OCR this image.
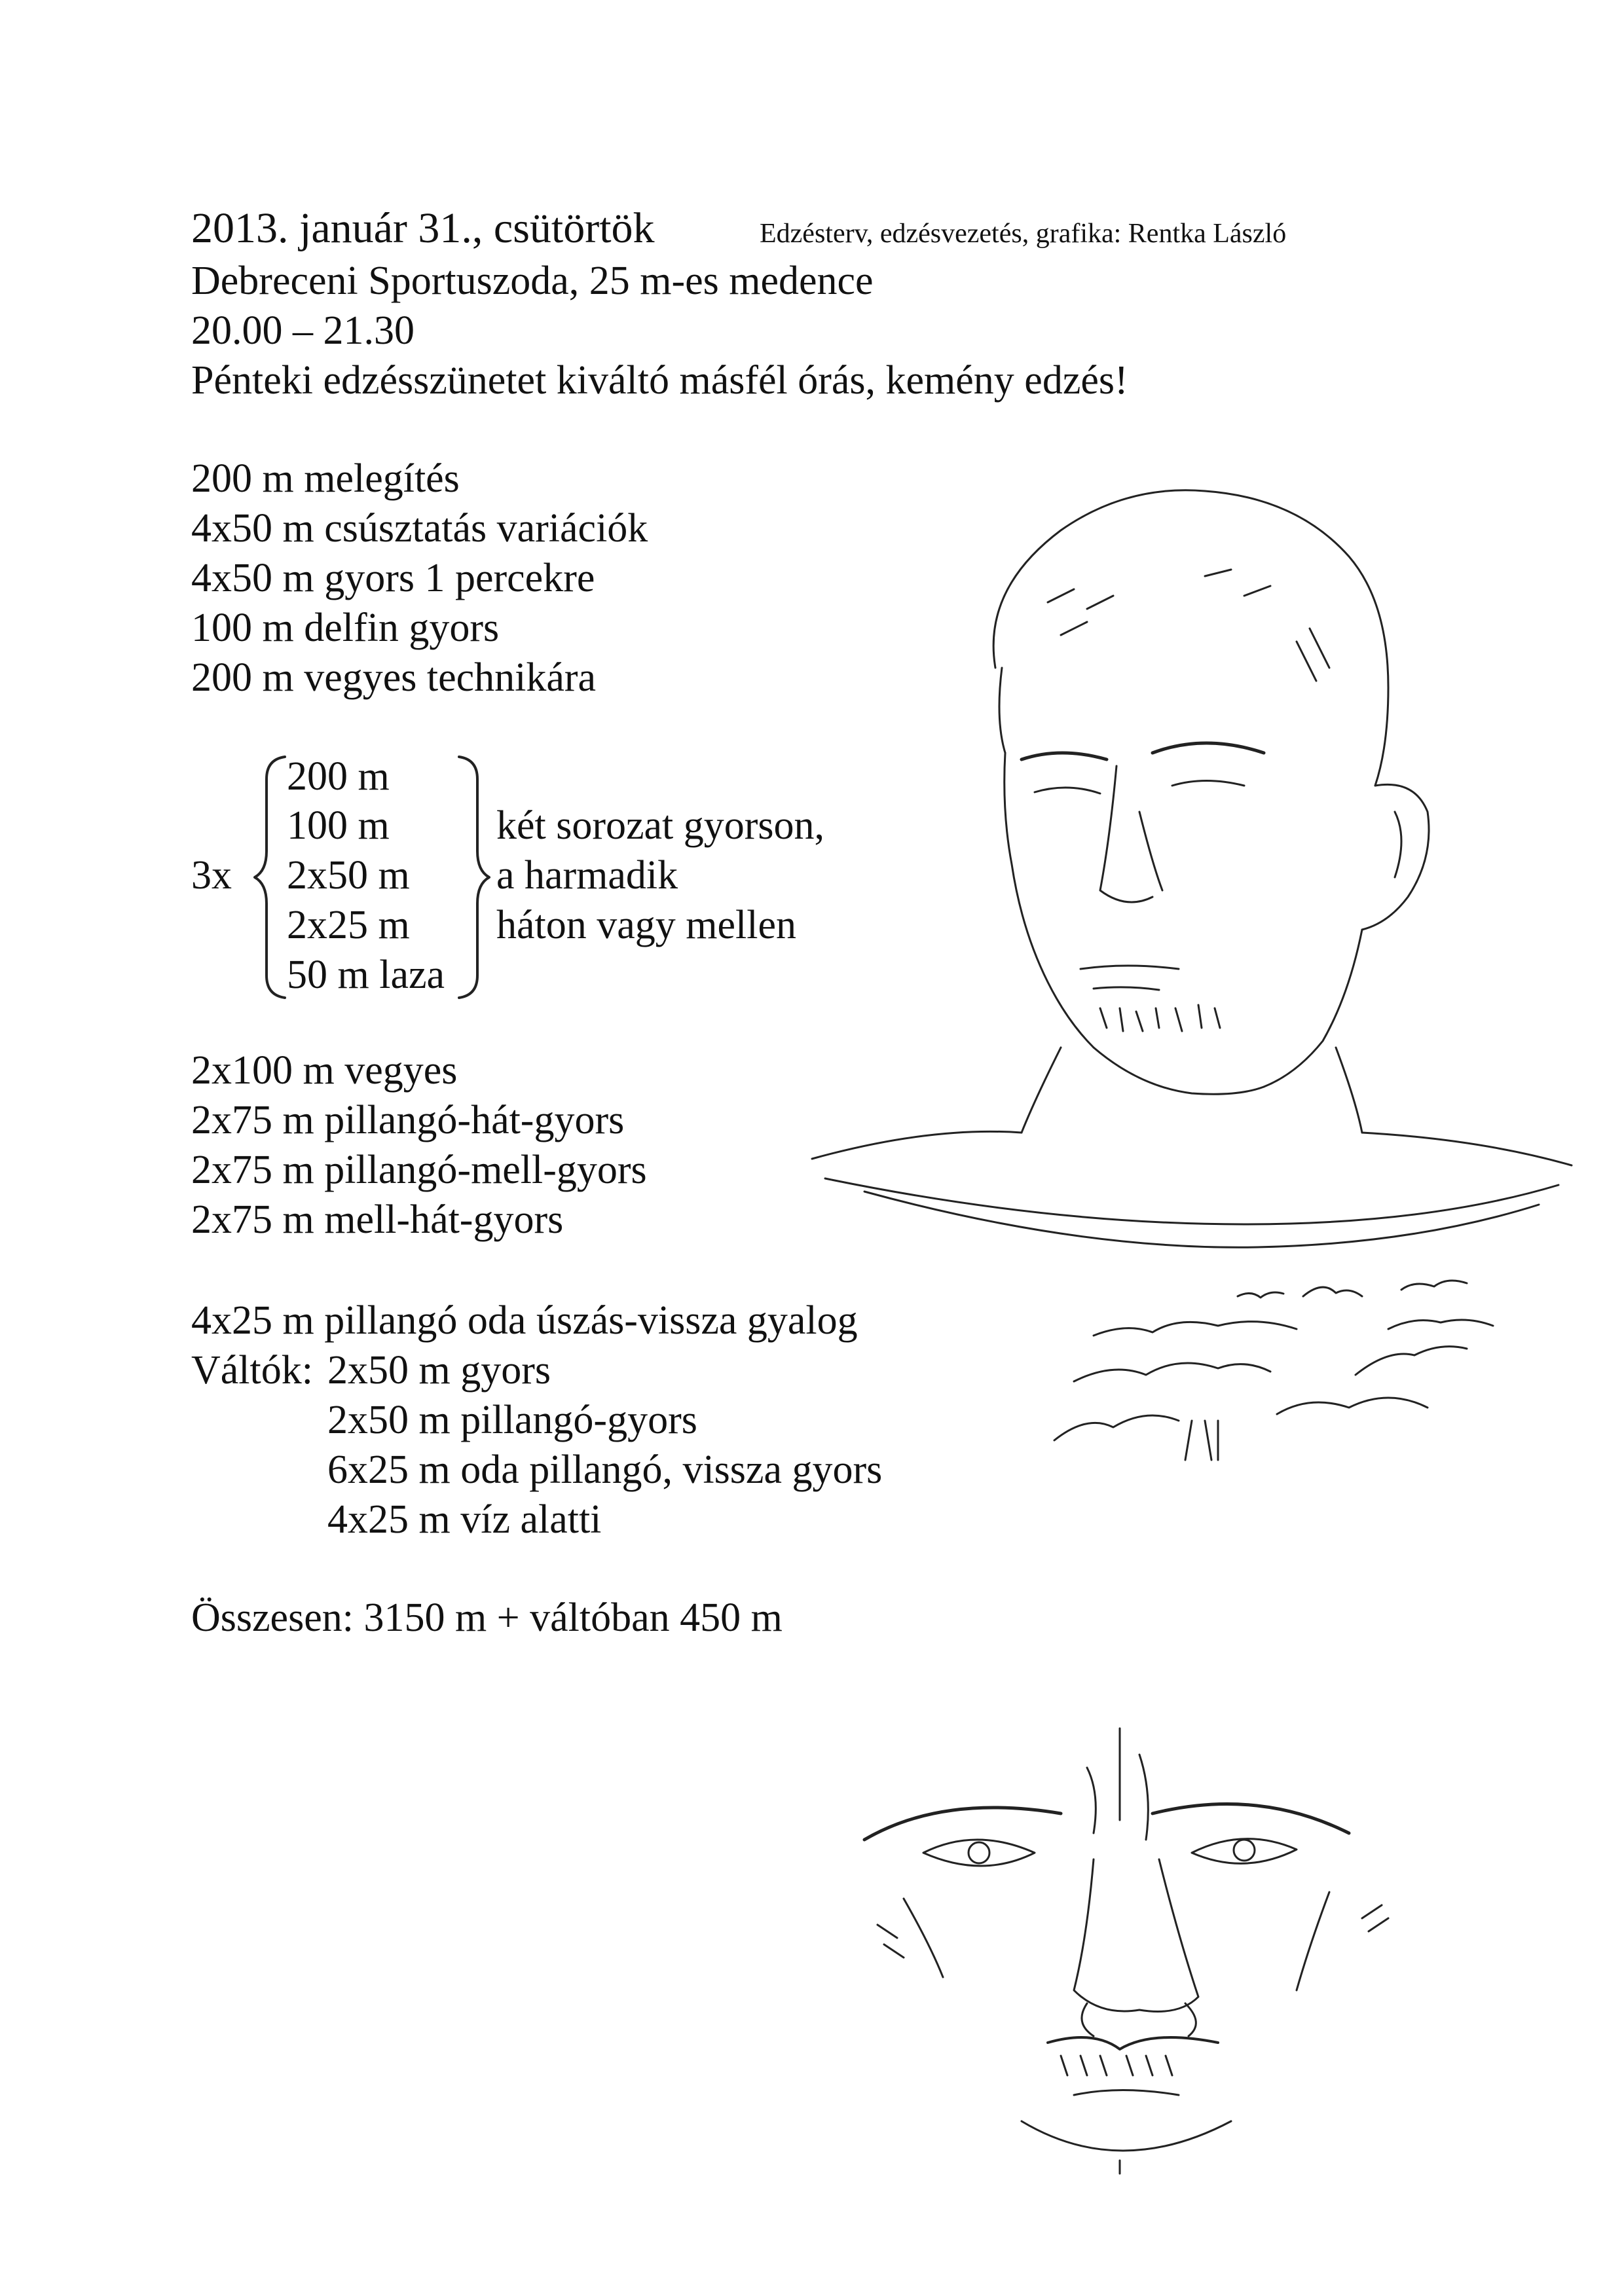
2013. január 31., csütörtök	Edzésterv, edzésvezetés, grafika: Rentka László
Debreceni Sportuszoda, 25 m-es medence
20.00 – 21.30
Pénteki edzésszünetet kiváltó másfél órás, kemény edzés!
200 m melegítés
4x50 m csúsztatás variációk
4x50 m gyors 1 percekre
100 m delfin gyors
200 m vegyes technikára
3x
200 m
100 m
2x50 m
2x25 m
50 m laza
két sorozat gyorson,
a harmadik
háton vagy mellen
2x100 m vegyes
2x75 m pillangó-hát-gyors
2x75 m pillangó-mell-gyors
2x75 m mell-hát-gyors
4x25 m pillangó oda úszás-vissza gyalog
Váltók: 2x50 m gyors
2x50 m pillangó-gyors
6x25 m oda pillangó, vissza gyors
4x25 m víz alatti
Összesen: 3150 m + váltóban 450 m
